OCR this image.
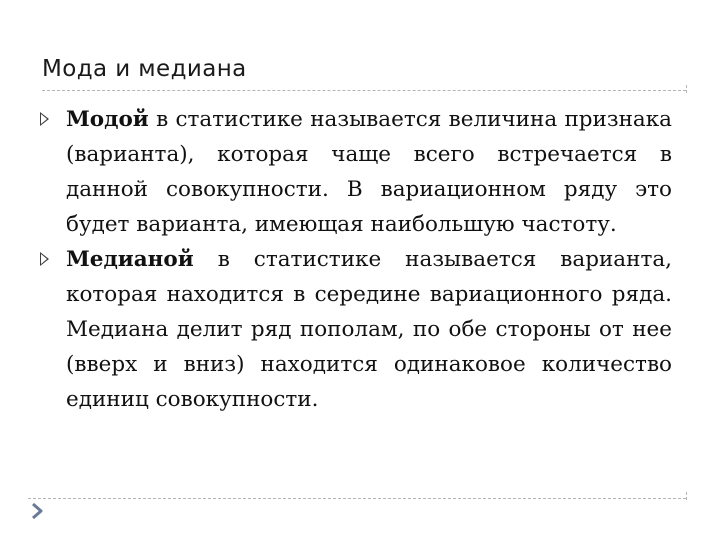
Мода и медиана

Модой в статистике называется величина признака (варианта), которая чаще всего встречается в данной совокупности. В вариационном ряду это будет варианта, имеющая наибольшую частоту.

Медианой в статистике называется варианта, которая находится в середине вариационного ряда. Медиана делит ряд пополам, по обе стороны от нее (вверх и вниз) находится одинаковое количество единиц совокупности.
